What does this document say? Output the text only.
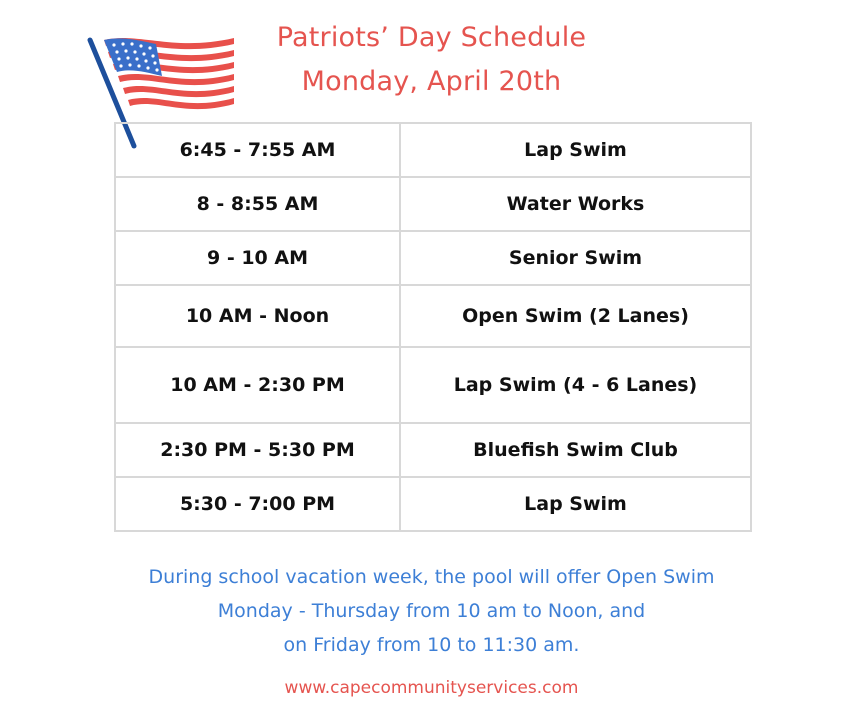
Patriots’ Day Schedule
Monday, April 20th
6:45 - 7:55 AM	Lap Swim
8 - 8:55 AM	Water Works
9 - 10 AM	Senior Swim
10 AM - Noon	Open Swim (2 Lanes)
10 AM - 2:30 PM	Lap Swim (4 - 6 Lanes)
2:30 PM - 5:30 PM	Bluefish Swim Club
5:30 - 7:00 PM	Lap Swim
During school vacation week, the pool will offer Open Swim
Monday - Thursday from 10 am to Noon, and
on Friday from 10 to 11:30 am.
www.capecommunityservices.com
